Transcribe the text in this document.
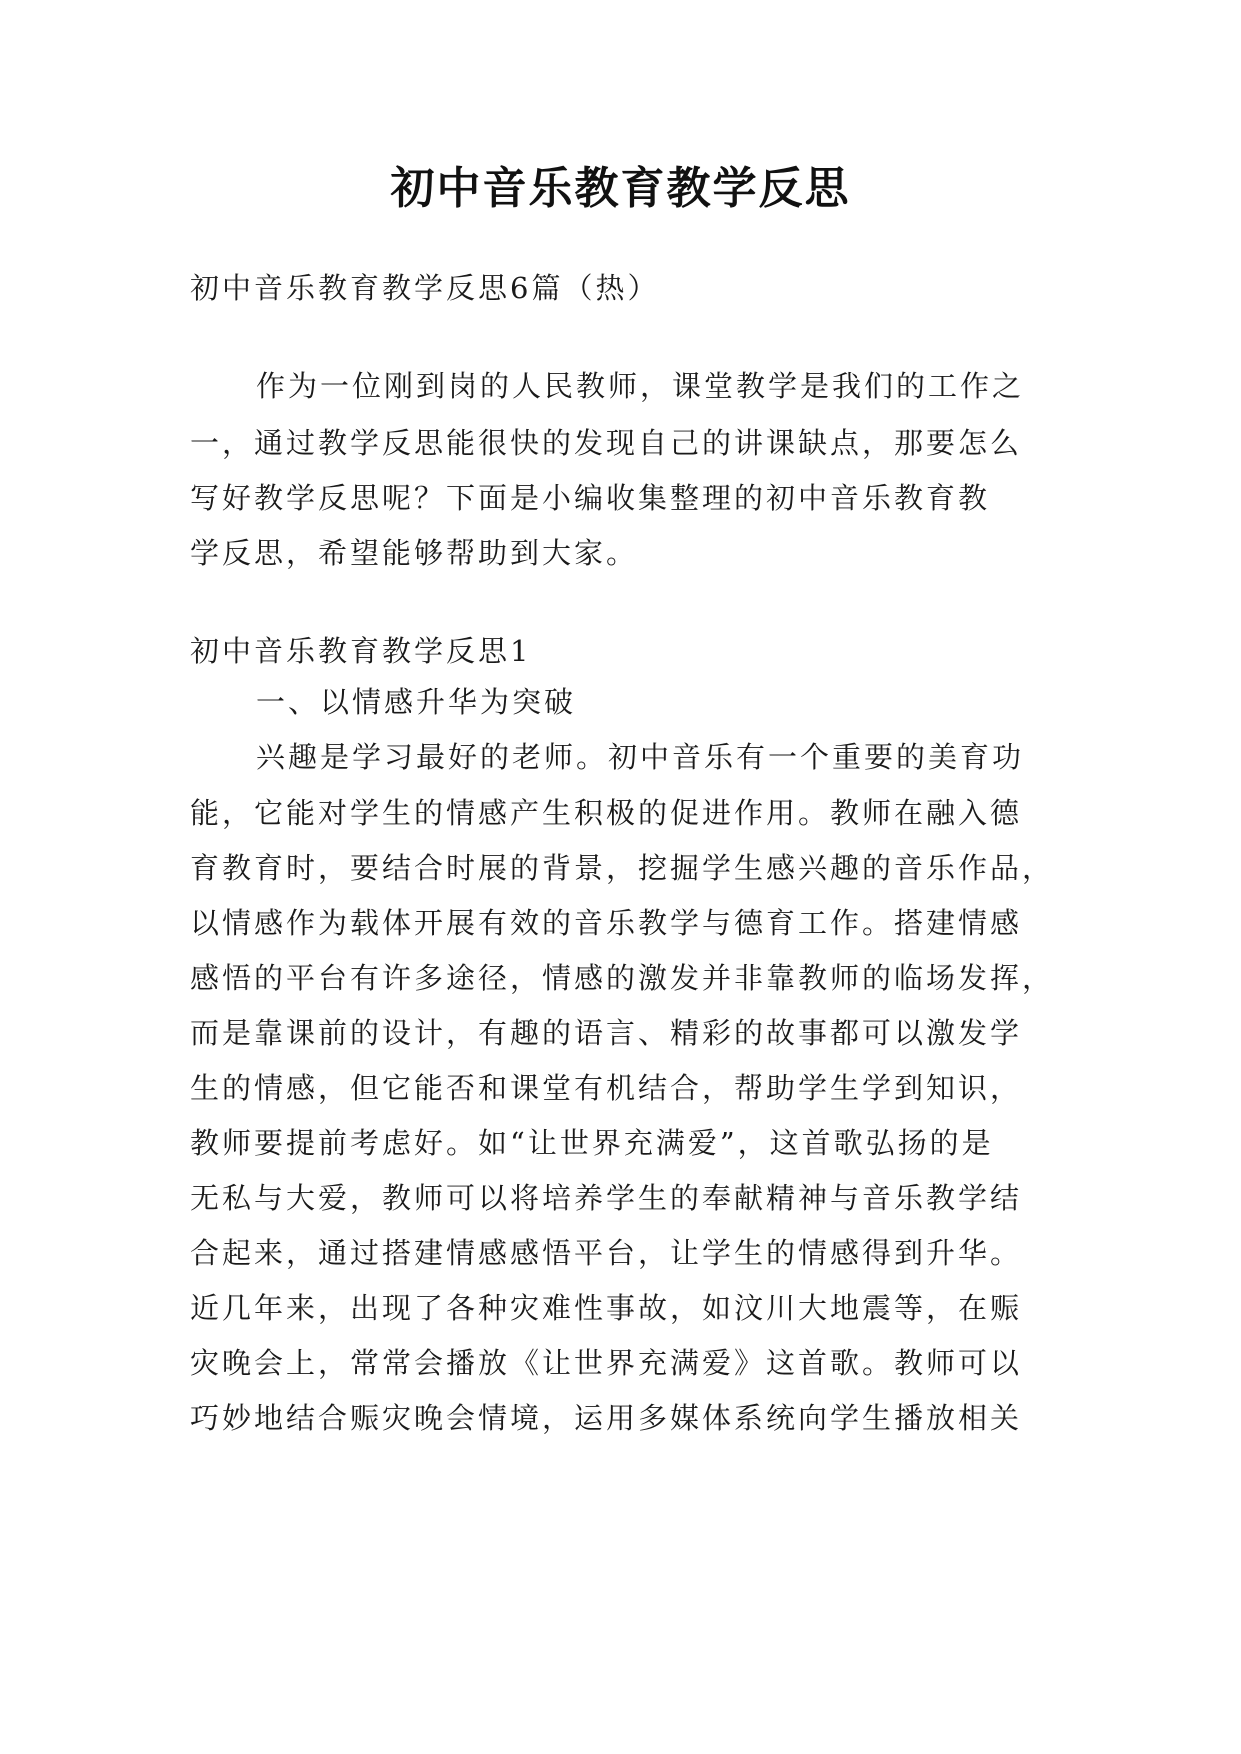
初中音乐教育教学反思
初中音乐教育教学反思6篇（热）
作为一位刚到岗的人民教师，课堂教学是我们的工作之
一，通过教学反思能很快的发现自己的讲课缺点，那要怎么
写好教学反思呢？下面是小编收集整理的初中音乐教育教
学反思，希望能够帮助到大家。
初中音乐教育教学反思1
一、以情感升华为突破
兴趣是学习最好的老师。初中音乐有一个重要的美育功
能，它能对学生的情感产生积极的促进作用。教师在融入德
育教育时，要结合时展的背景，挖掘学生感兴趣的音乐作品，
以情感作为载体开展有效的音乐教学与德育工作。搭建情感
感悟的平台有许多途径，情感的激发并非靠教师的临场发挥，
而是靠课前的设计，有趣的语言、精彩的故事都可以激发学
生的情感，但它能否和课堂有机结合，帮助学生学到知识，
教师要提前考虑好。如“让世界充满爱”，这首歌弘扬的是
无私与大爱，教师可以将培养学生的奉献精神与音乐教学结
合起来，通过搭建情感感悟平台，让学生的情感得到升华。
近几年来，出现了各种灾难性事故，如汶川大地震等，在赈
灾晚会上，常常会播放《让世界充满爱》这首歌。教师可以
巧妙地结合赈灾晚会情境，运用多媒体系统向学生播放相关
